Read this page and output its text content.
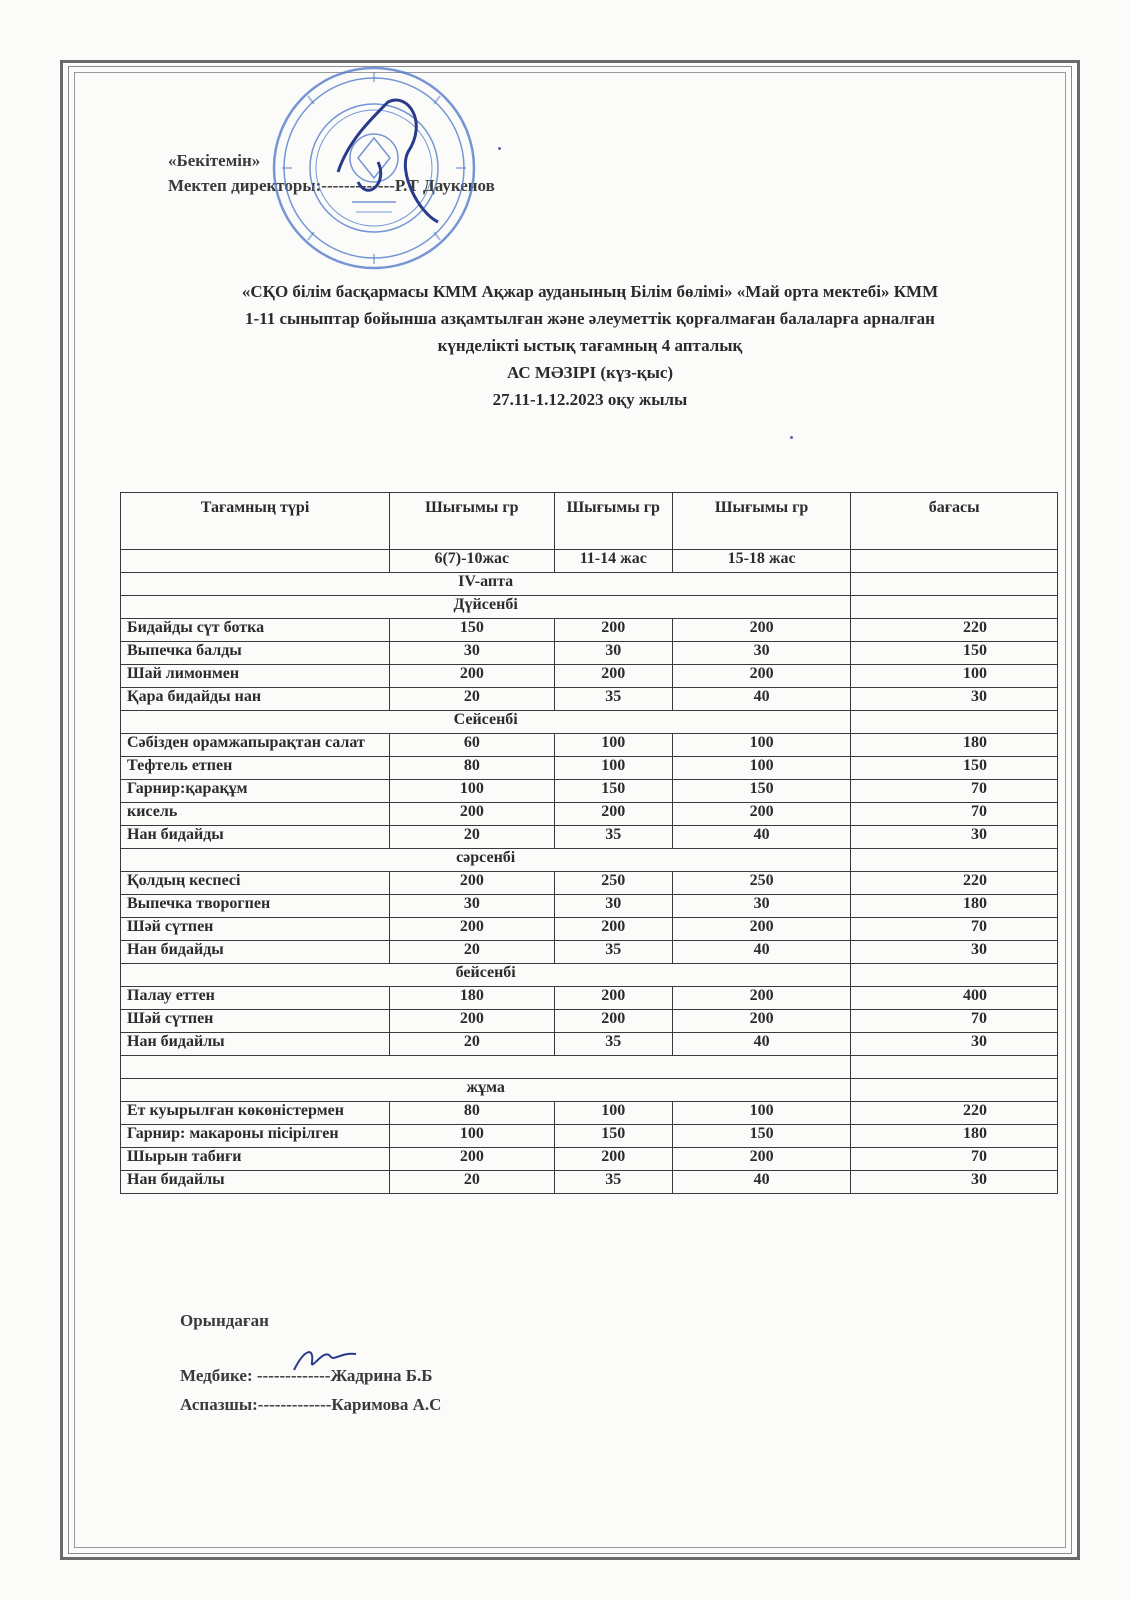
«Бекітемін»
Мектеп директоры:-------------Р.Т Даукенов
«СҚО білім басқармасы КММ Ақжар ауданының Білім бөлімі» «Май орта мектебі» КММ
1-11 сыныптар бойынша азқамтылған және әлеуметтік қорғалмаған балаларға арналған
күнделікті ыстық тағамның 4 апталық
АС МӘЗІРІ (күз-қыс)
27.11-1.12.2023 оқу жылы
Тағамның түрі	Шығымы гр	Шығымы гр	Шығымы гр	бағасы
	6(7)-10жас	11-14 жас	15-18 жас	
IV-апта				
Дүйсенбі				
Бидайды сүт ботка	150	200	200	220
Выпечка балды	30	30	30	150
Шай лимонмен	200	200	200	100
Қара бидайды нан	20	35	40	30
Сейсенбі				
Сәбізден орамжапырақтан салат	60	100	100	180
Тефтель етпен	80	100	100	150
Гарнир:қарақұм	100	150	150	70
кисель	200	200	200	70
Нан бидайды	20	35	40	30
сәрсенбі				
Қолдың кеспесі	200	250	250	220
Выпечка творогпен	30	30	30	180
Шәй сүтпен	200	200	200	70
Нан бидайды	20	35	40	30
бейсенбі				
Палау еттен	180	200	200	400
Шәй сүтпен	200	200	200	70
Нан бидайлы	20	35	40	30

жұма				
Ет куырылған көкөністермен	80	100	100	220
Гарнир: макароны пісірілген	100	150	150	180
Шырын табиғи	200	200	200	70
Нан бидайлы	20	35	40	30
Орындаған
Медбике: -------------Жадрина Б.Б
Аспазшы:-------------Каримова А.С
